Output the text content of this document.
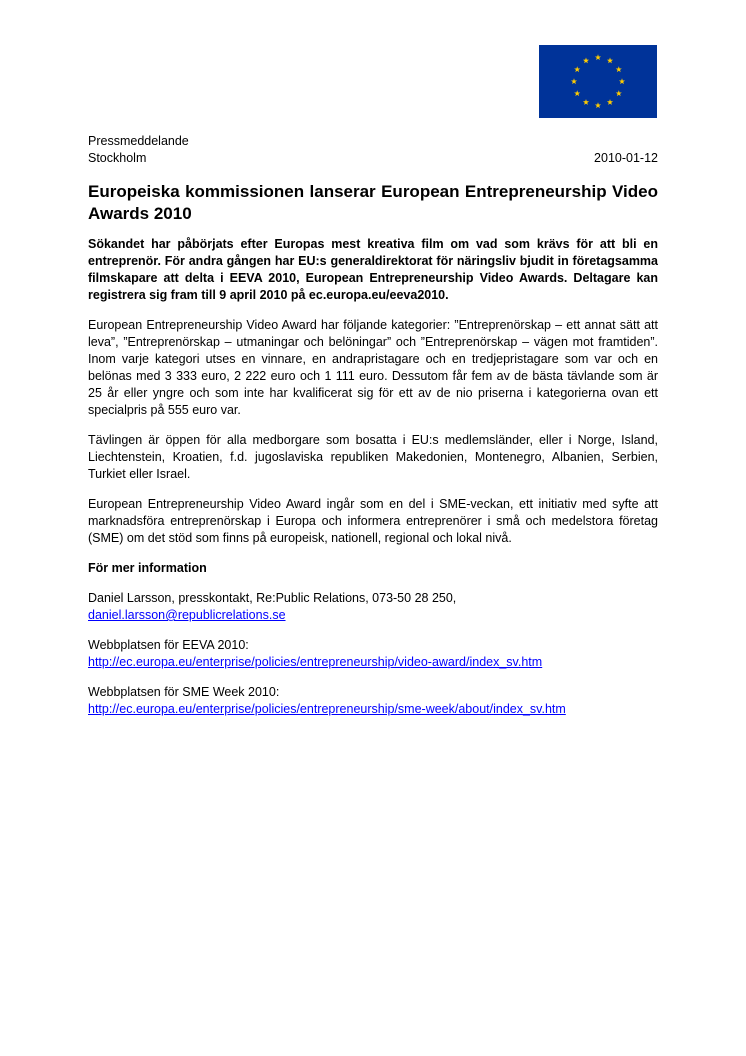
Pressmeddelande
Stockholm	2010-01-12
Europeiska kommissionen lanserar European Entrepreneurship Video Awards 2010

Sökandet har påbörjats efter Europas mest kreativa film om vad som krävs för att bli en entreprenör. För andra gången har EU:s generaldirektorat för näringsliv bjudit in företagsamma filmskapare att delta i EEVA 2010, European Entrepreneurship Video Awards. Deltagare kan registrera sig fram till 9 april 2010 på ec.europa.eu/eeva2010.

European Entrepreneurship Video Award har följande kategorier: ”Entreprenörskap – ett annat sätt att leva”, ”Entreprenörskap – utmaningar och belöningar” och ”Entreprenörskap – vägen mot framtiden”. Inom varje kategori utses en vinnare, en andrapristagare och en tredjepristagare som var och en belönas med 3 333 euro, 2 222 euro och 1 111 euro. Dessutom får fem av de bästa tävlande som är 25 år eller yngre och som inte har kvalificerat sig för ett av de nio priserna i kategorierna ovan ett specialpris på 555 euro var.

Tävlingen är öppen för alla medborgare som bosatta i EU:s medlemsländer, eller i Norge, Island, Liechtenstein, Kroatien, f.d. jugoslaviska republiken Makedonien, Montenegro, Albanien, Serbien, Turkiet eller Israel.

European Entrepreneurship Video Award ingår som en del i SME-veckan, ett initiativ med syfte att marknadsföra entreprenörskap i Europa och informera entreprenörer i små och medelstora företag (SME) om det stöd som finns på europeisk, nationell, regional och lokal nivå.

För mer information
Daniel Larsson, presskontakt, Re:Public Relations, 073-50 28 250,
daniel.larsson@republicrelations.se
Webbplatsen för EEVA 2010:
http://ec.europa.eu/enterprise/policies/entrepreneurship/video-award/index_sv.htm
Webbplatsen för SME Week 2010:
http://ec.europa.eu/enterprise/policies/entrepreneurship/sme-week/about/index_sv.htm
